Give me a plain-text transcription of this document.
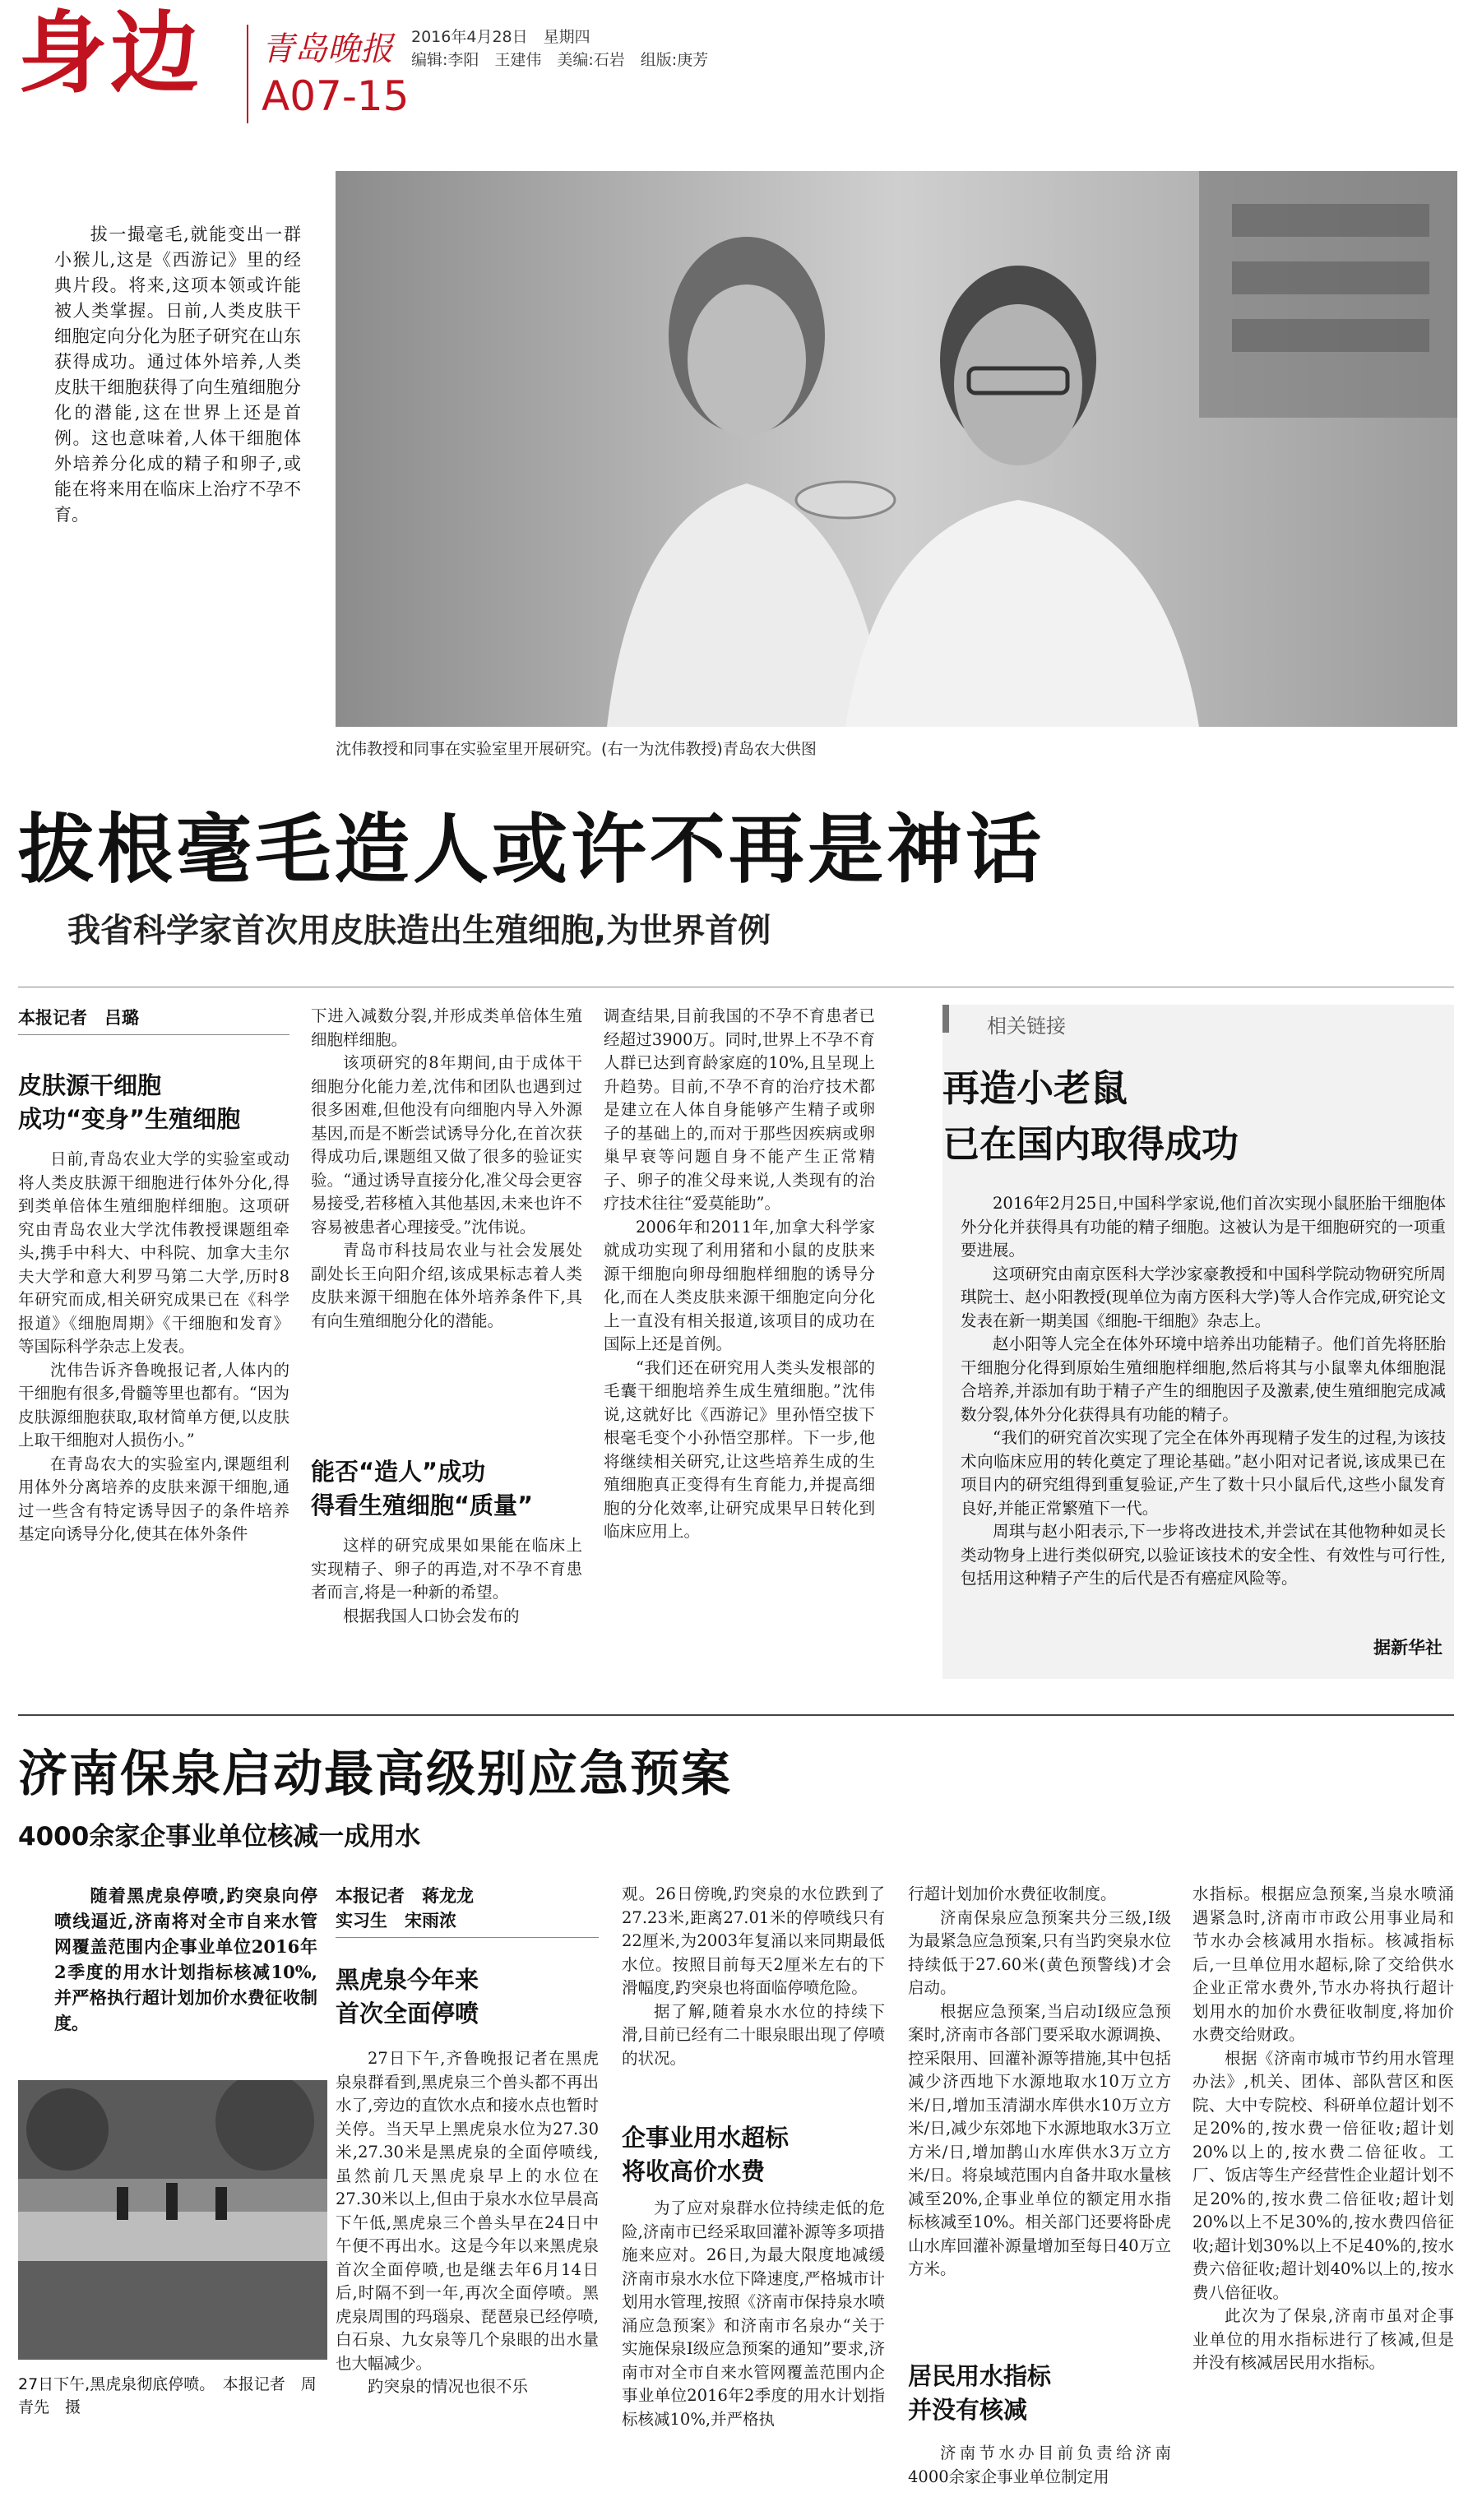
身边 青岛晚报
A07-15
2016年4月28日　星期四
编辑:李阳　王建伟　美编:石岩　组版:庚芳
拔一撮毫毛,就能变出一群小猴儿,这是《西游记》里的经典片段。将来,这项本领或许能被人类掌握。日前,人类皮肤干细胞定向分化为胚子研究在山东获得成功。通过体外培养,人类皮肤干细胞获得了向生殖细胞分化的潜能,这在世界上还是首例。这也意味着,人体干细胞体外培养分化成的精子和卵子,或能在将来用在临床上治疗不孕不育。
沈伟教授和同事在实验室里开展研究。(右一为沈伟教授)青岛农大供图
拔根毫毛造人或许不再是神话
我省科学家首次用皮肤造出生殖细胞,为世界首例
本报记者　吕璐
皮肤源干细胞
成功“变身”生殖细胞

日前,青岛农业大学的实验室或动将人类皮肤源干细胞进行体外分化,得到类单倍体生殖细胞样细胞。这项研究由青岛农业大学沈伟教授课题组牵头,携手中科大、中科院、加拿大圭尔夫大学和意大利罗马第二大学,历时8年研究而成,相关研究成果已在《科学报道》《细胞周期》《干细胞和发育》等国际科学杂志上发表。

沈伟告诉齐鲁晚报记者,人体内的干细胞有很多,骨髓等里也都有。“因为皮肤源细胞获取,取材简单方便,以皮肤上取干细胞对人损伤小。”

在青岛农大的实验室内,课题组利用体外分离培养的皮肤来源干细胞,通过一些含有特定诱导因子的条件培养基定向诱导分化,使其在体外条件

下进入减数分裂,并形成类单倍体生殖细胞样细胞。

该项研究的8年期间,由于成体干细胞分化能力差,沈伟和团队也遇到过很多困难,但他没有向细胞内导入外源基因,而是不断尝试诱导分化,在首次获得成功后,课题组又做了很多的验证实验。“通过诱导直接分化,准父母会更容易接受,若移植入其他基因,未来也许不容易被患者心理接受。”沈伟说。

青岛市科技局农业与社会发展处副处长王向阳介绍,该成果标志着人类皮肤来源干细胞在体外培养条件下,具有向生殖细胞分化的潜能。

能否“造人”成功
得看生殖细胞“质量”

这样的研究成果如果能在临床上实现精子、卵子的再造,对不孕不育患者而言,将是一种新的希望。

根据我国人口协会发布的

调查结果,目前我国的不孕不育患者已经超过3900万。同时,世界上不孕不育人群已达到育龄家庭的10%,且呈现上升趋势。目前,不孕不育的治疗技术都是建立在人体自身能够产生精子或卵子的基础上的,而对于那些因疾病或卵巢早衰等问题自身不能产生正常精子、卵子的准父母来说,人类现有的治疗技术往往“爱莫能助”。

2006年和2011年,加拿大科学家就成功实现了利用猪和小鼠的皮肤来源干细胞向卵母细胞样细胞的诱导分化,而在人类皮肤来源干细胞定向分化上一直没有相关报道,该项目的成功在国际上还是首例。

“我们还在研究用人类头发根部的毛囊干细胞培养生成生殖细胞。”沈伟说,这就好比《西游记》里孙悟空拔下根毫毛变个小孙悟空那样。下一步,他将继续相关研究,让这些培养生成的生殖细胞真正变得有生育能力,并提高细胞的分化效率,让研究成果早日转化到临床应用上。

相关链接
再造小老鼠
已在国内取得成功

2016年2月25日,中国科学家说,他们首次实现小鼠胚胎干细胞体外分化并获得具有功能的精子细胞。这被认为是干细胞研究的一项重要进展。

这项研究由南京医科大学沙家豪教授和中国科学院动物研究所周琪院士、赵小阳教授(现单位为南方医科大学)等人合作完成,研究论文发表在新一期美国《细胞-干细胞》杂志上。

赵小阳等人完全在体外环境中培养出功能精子。他们首先将胚胎干细胞分化得到原始生殖细胞样细胞,然后将其与小鼠睾丸体细胞混合培养,并添加有助于精子产生的细胞因子及激素,使生殖细胞完成减数分裂,体外分化获得具有功能的精子。

“我们的研究首次实现了完全在体外再现精子发生的过程,为该技术向临床应用的转化奠定了理论基础。”赵小阳对记者说,该成果已在项目内的研究组得到重复验证,产生了数十只小鼠后代,这些小鼠发育良好,并能正常繁殖下一代。

周琪与赵小阳表示,下一步将改进技术,并尝试在其他物种如灵长类动物身上进行类似研究,以验证该技术的安全性、有效性与可行性,包括用这种精子产生的后代是否有癌症风险等。

据新华社
济南保泉启动最高级别应急预案
4000余家企事业单位核减一成用水
随着黑虎泉停喷,趵突泉向停喷线逼近,济南将对全市自来水管网覆盖范围内企事业单位2016年2季度的用水计划指标核减10%,并严格执行超计划加价水费征收制度。
27日下午,黑虎泉彻底停喷。　本报记者　周青先　摄
本报记者　蒋龙龙
实习生　宋雨浓
黑虎泉今年来
首次全面停喷

27日下午,齐鲁晚报记者在黑虎泉泉群看到,黑虎泉三个兽头都不再出水了,旁边的直饮水点和接水点也暂时关停。当天早上黑虎泉水位为27.30米,27.30米是黑虎泉的全面停喷线,虽然前几天黑虎泉早上的水位在27.30米以上,但由于泉水水位早晨高下午低,黑虎泉三个兽头早在24日中午便不再出水。这是今年以来黑虎泉首次全面停喷,也是继去年6月14日后,时隔不到一年,再次全面停喷。黑虎泉周围的玛瑙泉、琵琶泉已经停喷,白石泉、九女泉等几个泉眼的出水量也大幅减少。

趵突泉的情况也很不乐

观。26日傍晚,趵突泉的水位跌到了27.23米,距离27.01米的停喷线只有22厘米,为2003年复涌以来同期最低水位。按照目前每天2厘米左右的下滑幅度,趵突泉也将面临停喷危险。

据了解,随着泉水水位的持续下滑,目前已经有二十眼泉眼出现了停喷的状况。

企事业用水超标
将收高价水费

为了应对泉群水位持续走低的危险,济南市已经采取回灌补源等多项措施来应对。26日,为最大限度地减缓济南市泉水水位下降速度,严格城市计划用水管理,按照《济南市保持泉水喷涌应急预案》和济南市名泉办“关于实施保泉Ⅰ级应急预案的通知”要求,济南市对全市自来水管网覆盖范围内企事业单位2016年2季度的用水计划指标核减10%,并严格执

行超计划加价水费征收制度。

济南保泉应急预案共分三级,Ⅰ级为最紧急应急预案,只有当趵突泉水位持续低于27.60米(黄色预警线)才会启动。

根据应急预案,当启动Ⅰ级应急预案时,济南市各部门要采取水源调换、控采限用、回灌补源等措施,其中包括减少济西地下水源地取水10万立方米/日,增加玉清湖水库供水10万立方米/日,减少东郊地下水源地取水3万立方米/日,增加鹊山水库供水3万立方米/日。将泉域范围内自备井取水量核减至20%,企事业单位的额定用水指标核减至10%。相关部门还要将卧虎山水库回灌补源量增加至每日40万立方米。

居民用水指标
并没有核减

济南节水办目前负责给济南4000余家企事业单位制定用

水指标。根据应急预案,当泉水喷涌遇紧急时,济南市市政公用事业局和节水办会核减用水指标。核减指标后,一旦单位用水超标,除了交给供水企业正常水费外,节水办将执行超计划用水的加价水费征收制度,将加价水费交给财政。

根据《济南市城市节约用水管理办法》,机关、团体、部队营区和医院、大中专院校、科研单位超计划不足20%的,按水费一倍征收;超计划20%以上的,按水费二倍征收。工厂、饭店等生产经营性企业超计划不足20%的,按水费二倍征收;超计划20%以上不足30%的,按水费四倍征收;超计划30%以上不足40%的,按水费六倍征收;超计划40%以上的,按水费八倍征收。

此次为了保泉,济南市虽对企事业单位的用水指标进行了核减,但是并没有核减居民用水指标。
